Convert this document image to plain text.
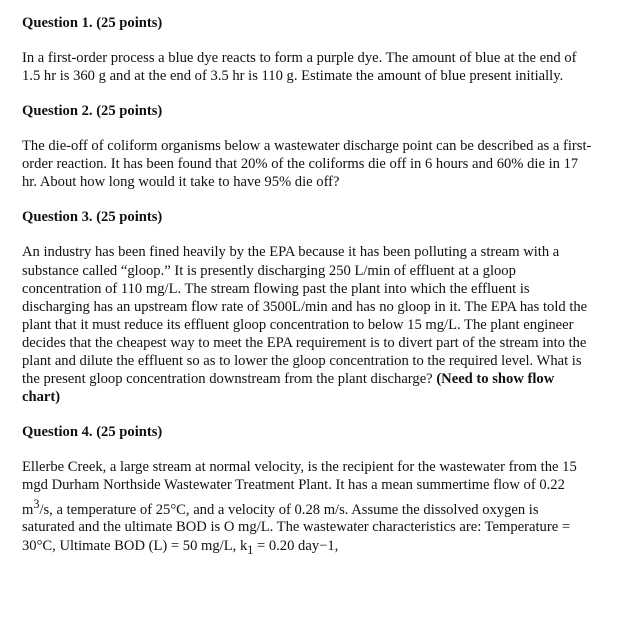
Question 1. (25 points)

In a first-order process a blue dye reacts to form a purple dye. The amount of blue at the end of 1.5 hr is 360 g and at the end of 3.5 hr is 110 g. Estimate the amount of blue present initially.

Question 2. (25 points)

The die-off of coliform organisms below a wastewater discharge point can be described as a first-order reaction. It has been found that 20% of the coliforms die off in 6 hours and 60% die in 17 hr. About how long would it take to have 95% die off?

Question 3. (25 points)

An industry has been fined heavily by the EPA because it has been polluting a stream with a substance called “gloop.” It is presently discharging 250 L/min of effluent at a gloop concentration of 110 mg/L. The stream flowing past the plant into which the effluent is discharging has an upstream flow rate of 3500L/min and has no gloop in it. The EPA has told the plant that it must reduce its effluent gloop concentration to below 15 mg/L. The plant engineer decides that the cheapest way to meet the EPA requirement is to divert part of the stream into the plant and dilute the effluent so as to lower the gloop concentration to the required level. What is the present gloop concentration downstream from the plant discharge? (Need to show flow chart)

Question 4. (25 points)

Ellerbe Creek, a large stream at normal velocity, is the recipient for the wastewater from the 15 mgd Durham Northside Wastewater Treatment Plant. It has a mean summertime flow of 0.22 $m^3/s$, a temperature of 25°C, and a velocity of 0.28 m/s. Assume the dissolved oxygen is saturated and the ultimate BOD is O mg/L. The wastewater characteristics are: Temperature = 30°C, Ultimate BOD (L) = 50 mg/L, $k_1 = 0.20$ day−1,
